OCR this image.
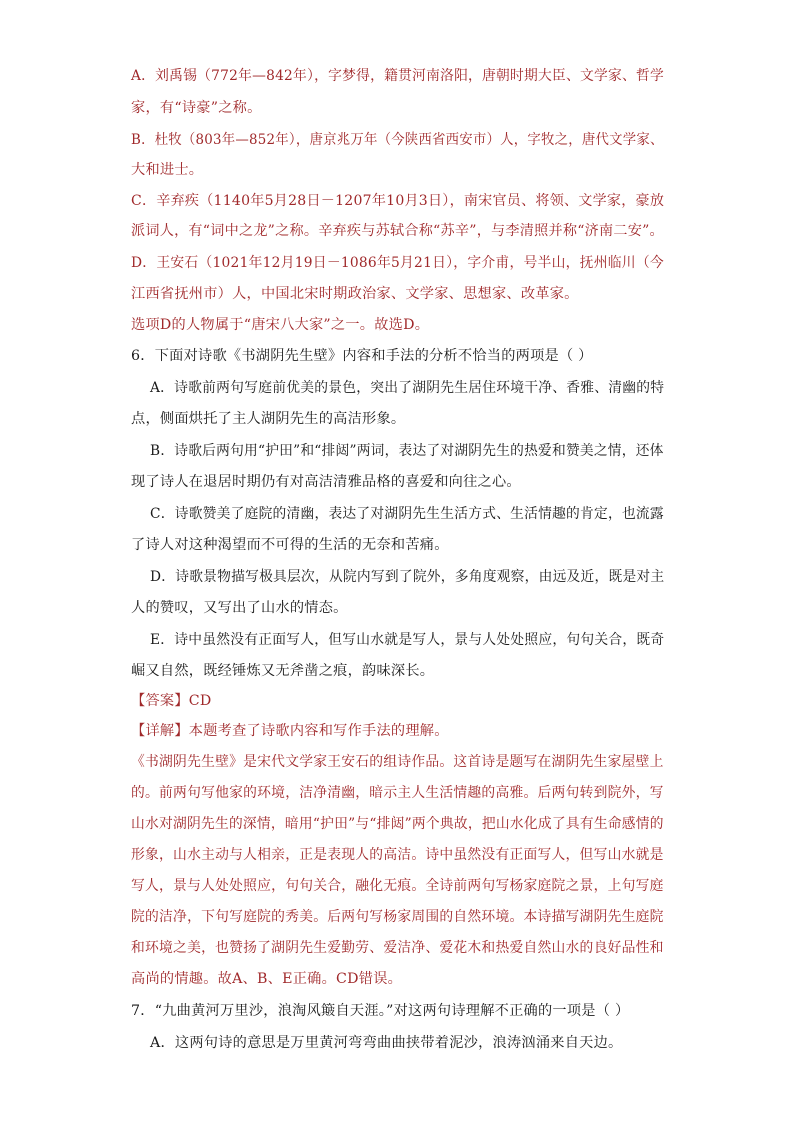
A．刘禹锡（772年—842年），字梦得，籍贯河南洛阳，唐朝时期大臣、文学家、哲学
家，有“诗豪”之称。
B．杜牧（803年—852年），唐京兆万年（今陕西省西安市）人，字牧之，唐代文学家、
大和进士。
C．辛弃疾（1140年5月28日－1207年10月3日），南宋官员、将领、文学家，豪放
派词人，有“词中之龙”之称。辛弃疾与苏轼合称“苏辛”，与李清照并称“济南二安”。
D．王安石（1021年12月19日－1086年5月21日），字介甫，号半山，抚州临川（今
江西省抚州市）人，中国北宋时期政治家、文学家、思想家、改革家。
选项D的人物属于“唐宋八大家”之一。故选D。
6．下面对诗歌《书湖阴先生壁》内容和手法的分析不恰当的两项是（ ）
A．诗歌前两句写庭前优美的景色，突出了湖阴先生居住环境干净、香雅、清幽的特
点，侧面烘托了主人湖阴先生的高洁形象。
B．诗歌后两句用“护田”和“排闼”两词，表达了对湖阴先生的热爱和赞美之情，还体
现了诗人在退居时期仍有对高洁清雅品格的喜爱和向往之心。
C．诗歌赞美了庭院的清幽，表达了对湖阴先生生活方式、生活情趣的肯定，也流露
了诗人对这种渴望而不可得的生活的无奈和苦痛。
D．诗歌景物描写极具层次，从院内写到了院外，多角度观察，由远及近，既是对主
人的赞叹，又写出了山水的情态。
E．诗中虽然没有正面写人，但写山水就是写人，景与人处处照应，句句关合，既奇
崛又自然，既经锤炼又无斧凿之痕，韵味深长。
【答案】CD
【详解】本题考查了诗歌内容和写作手法的理解。
《书湖阴先生壁》是宋代文学家王安石的组诗作品。这首诗是题写在湖阴先生家屋壁上
的。前两句写他家的环境，洁净清幽，暗示主人生活情趣的高雅。后两句转到院外，写
山水对湖阴先生的深情，暗用“护田”与“排闼”两个典故，把山水化成了具有生命感情的
形象，山水主动与人相亲，正是表现人的高洁。诗中虽然没有正面写人，但写山水就是
写人，景与人处处照应，句句关合，融化无痕。全诗前两句写杨家庭院之景，上句写庭
院的洁净，下句写庭院的秀美。后两句写杨家周围的自然环境。本诗描写湖阴先生庭院
和环境之美，也赞扬了湖阴先生爱勤劳、爱洁净、爱花木和热爱自然山水的良好品性和
高尚的情趣。故A、B、E正确。CD错误。
7．“九曲黄河万里沙，浪淘风簸自天涯。”对这两句诗理解不正确的一项是（ ）
A．这两句诗的意思是万里黄河弯弯曲曲挟带着泥沙，浪涛汹涌来自天边。
